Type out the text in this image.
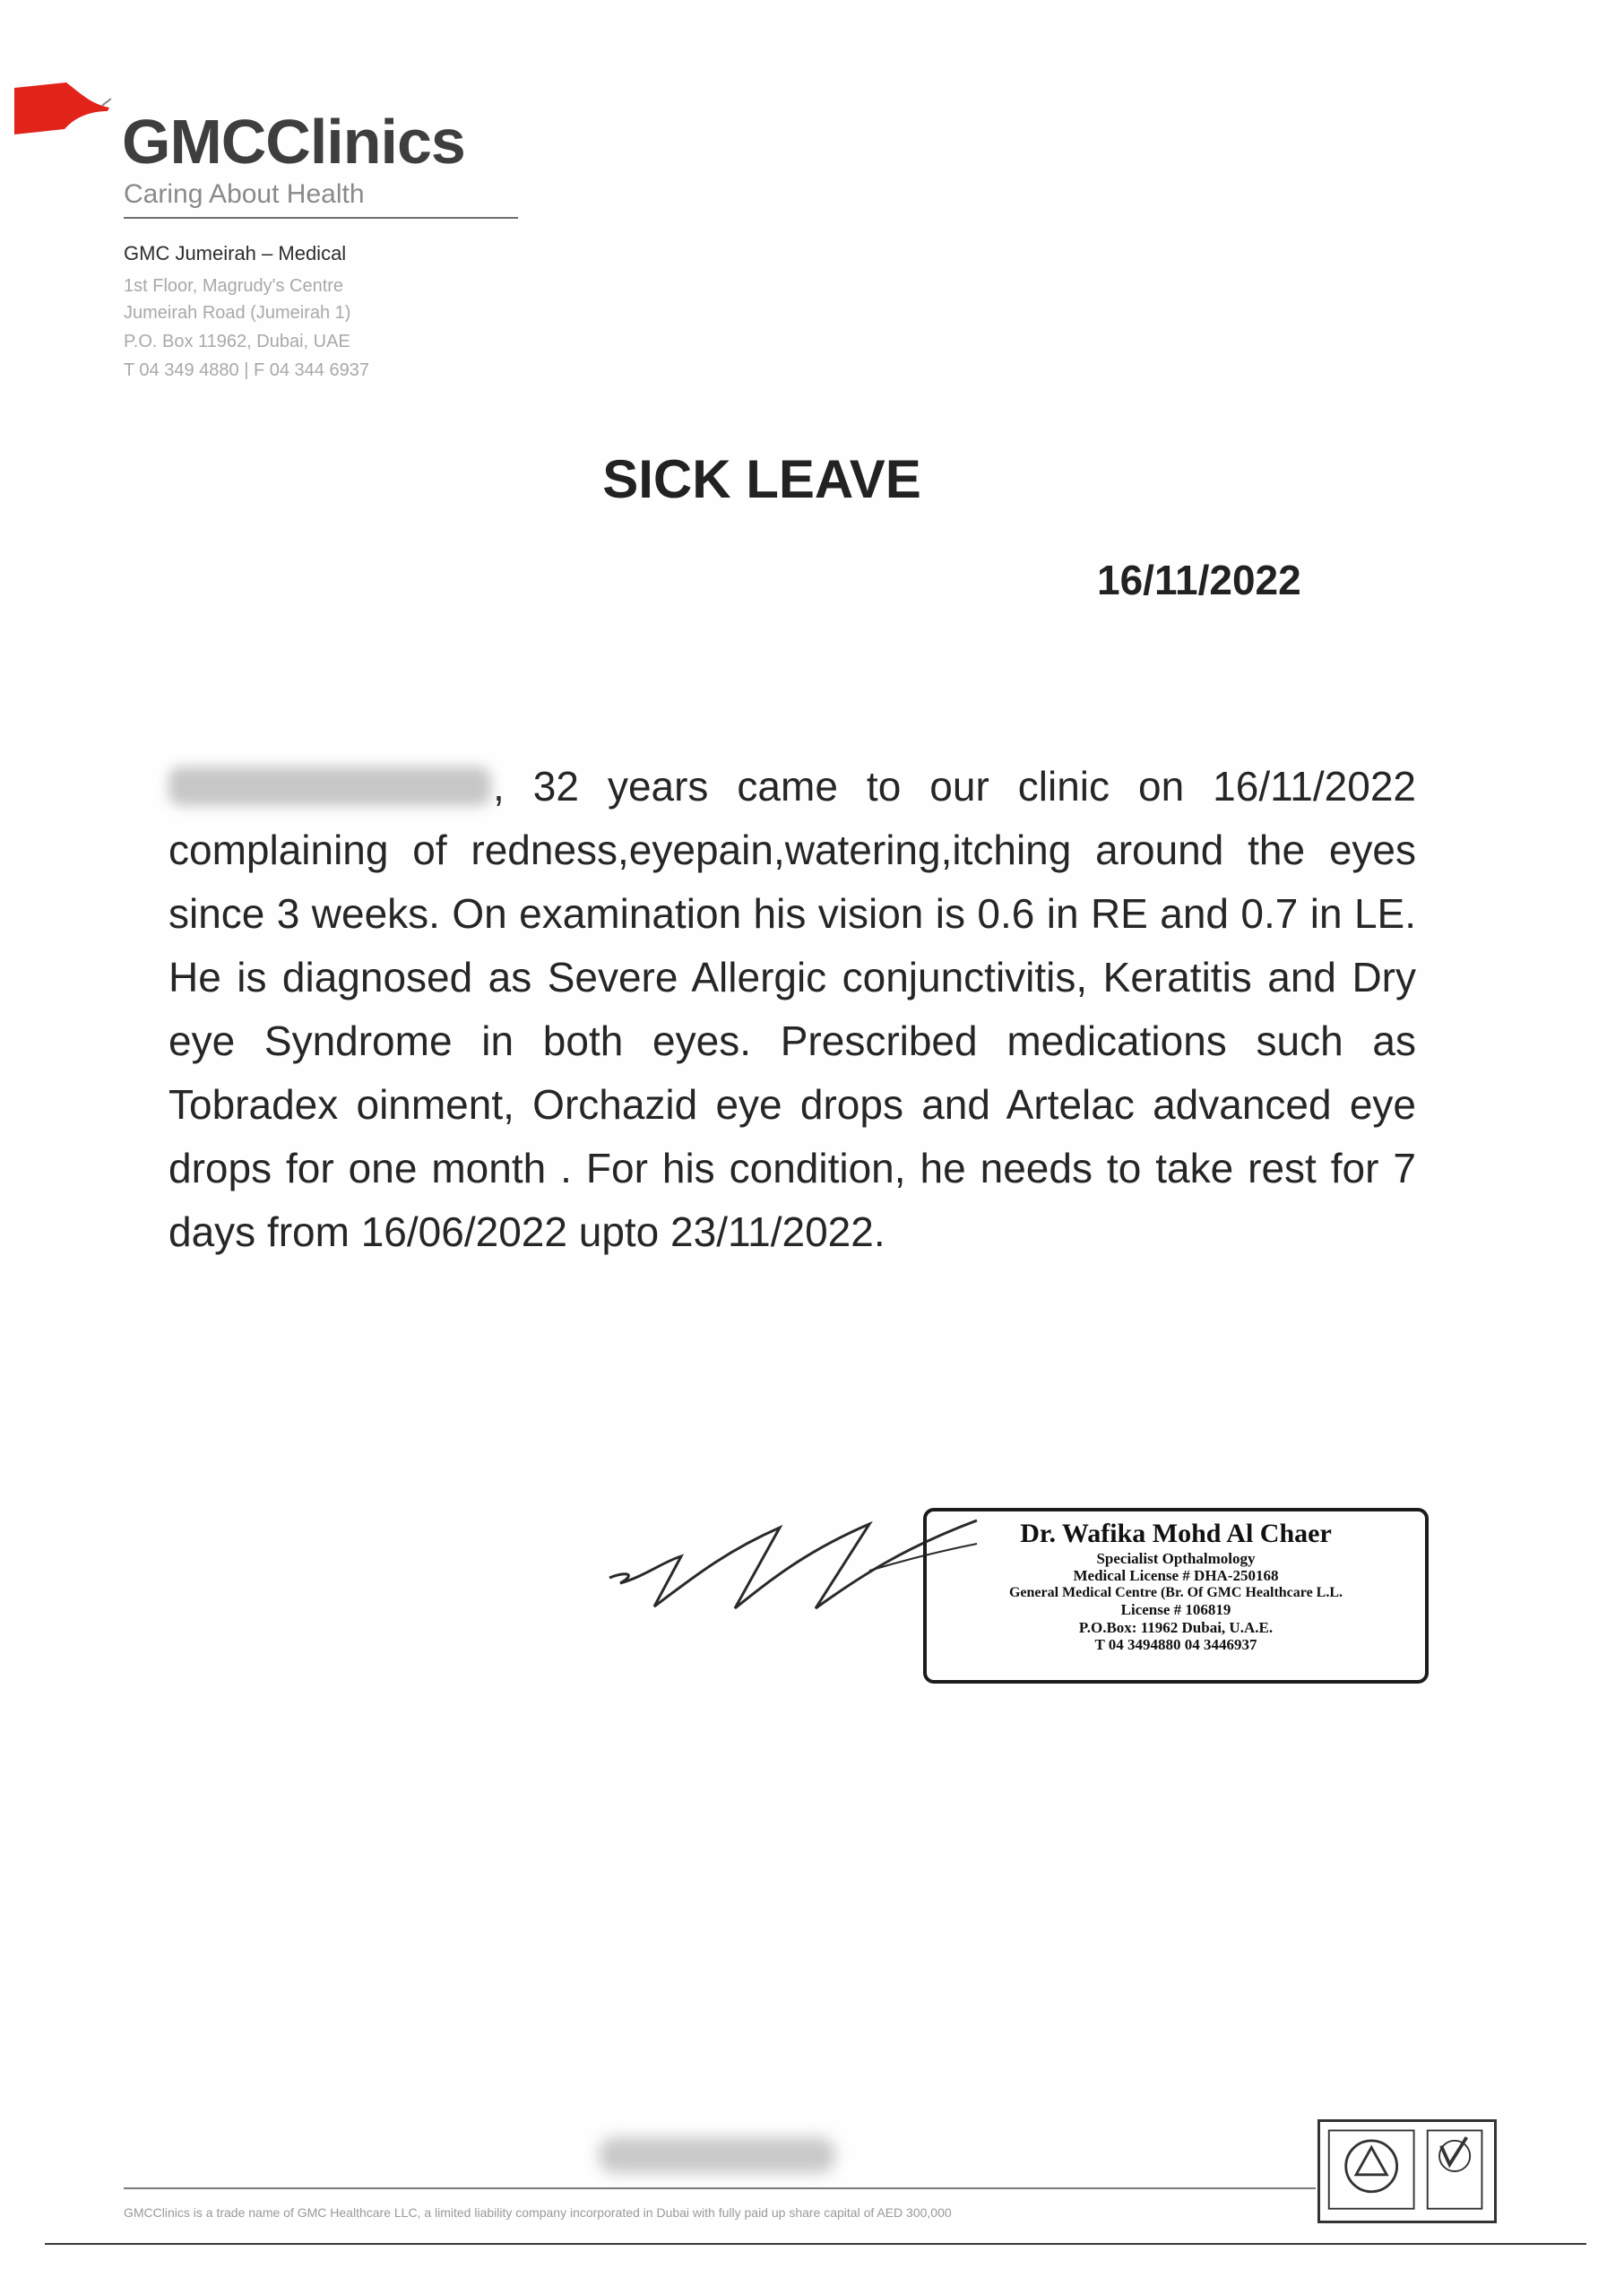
GMCClinics
Caring About Health
GMC Jumeirah – Medical
1st Floor, Magrudy's Centre
Jumeirah Road (Jumeirah 1)
P.O. Box 11962, Dubai, UAE
T 04 349 4880 | F 04 344 6937
SICK LEAVE
16/11/2022
, 32 years came to our clinic on 16/11/2022 complaining of redness,eyepain,watering,itching around the eyes since 3 weeks. On examination his vision is 0.6 in RE and 0.7 in LE. He is diagnosed as Severe Allergic conjunctivitis, Keratitis and Dry eye Syndrome in both eyes. Prescribed medications such as Tobradex oinment, Orchazid eye drops and Artelac advanced eye drops for one month . For his condition, he needs to take rest for 7 days from 16/06/2022 upto 23/11/2022.
Dr. Wafika Mohd Al Chaer
Specialist Opthalmology
Medical License # DHA-250168
General Medical Centre (Br. Of GMC Healthcare L.L.
License # 106819
P.O.Box: 11962 Dubai, U.A.E.
T 04 3494880 04 3446937
GMCClinics is a trade name of GMC Healthcare LLC, a limited liability company incorporated in Dubai with fully paid up share capital of AED 300,000
